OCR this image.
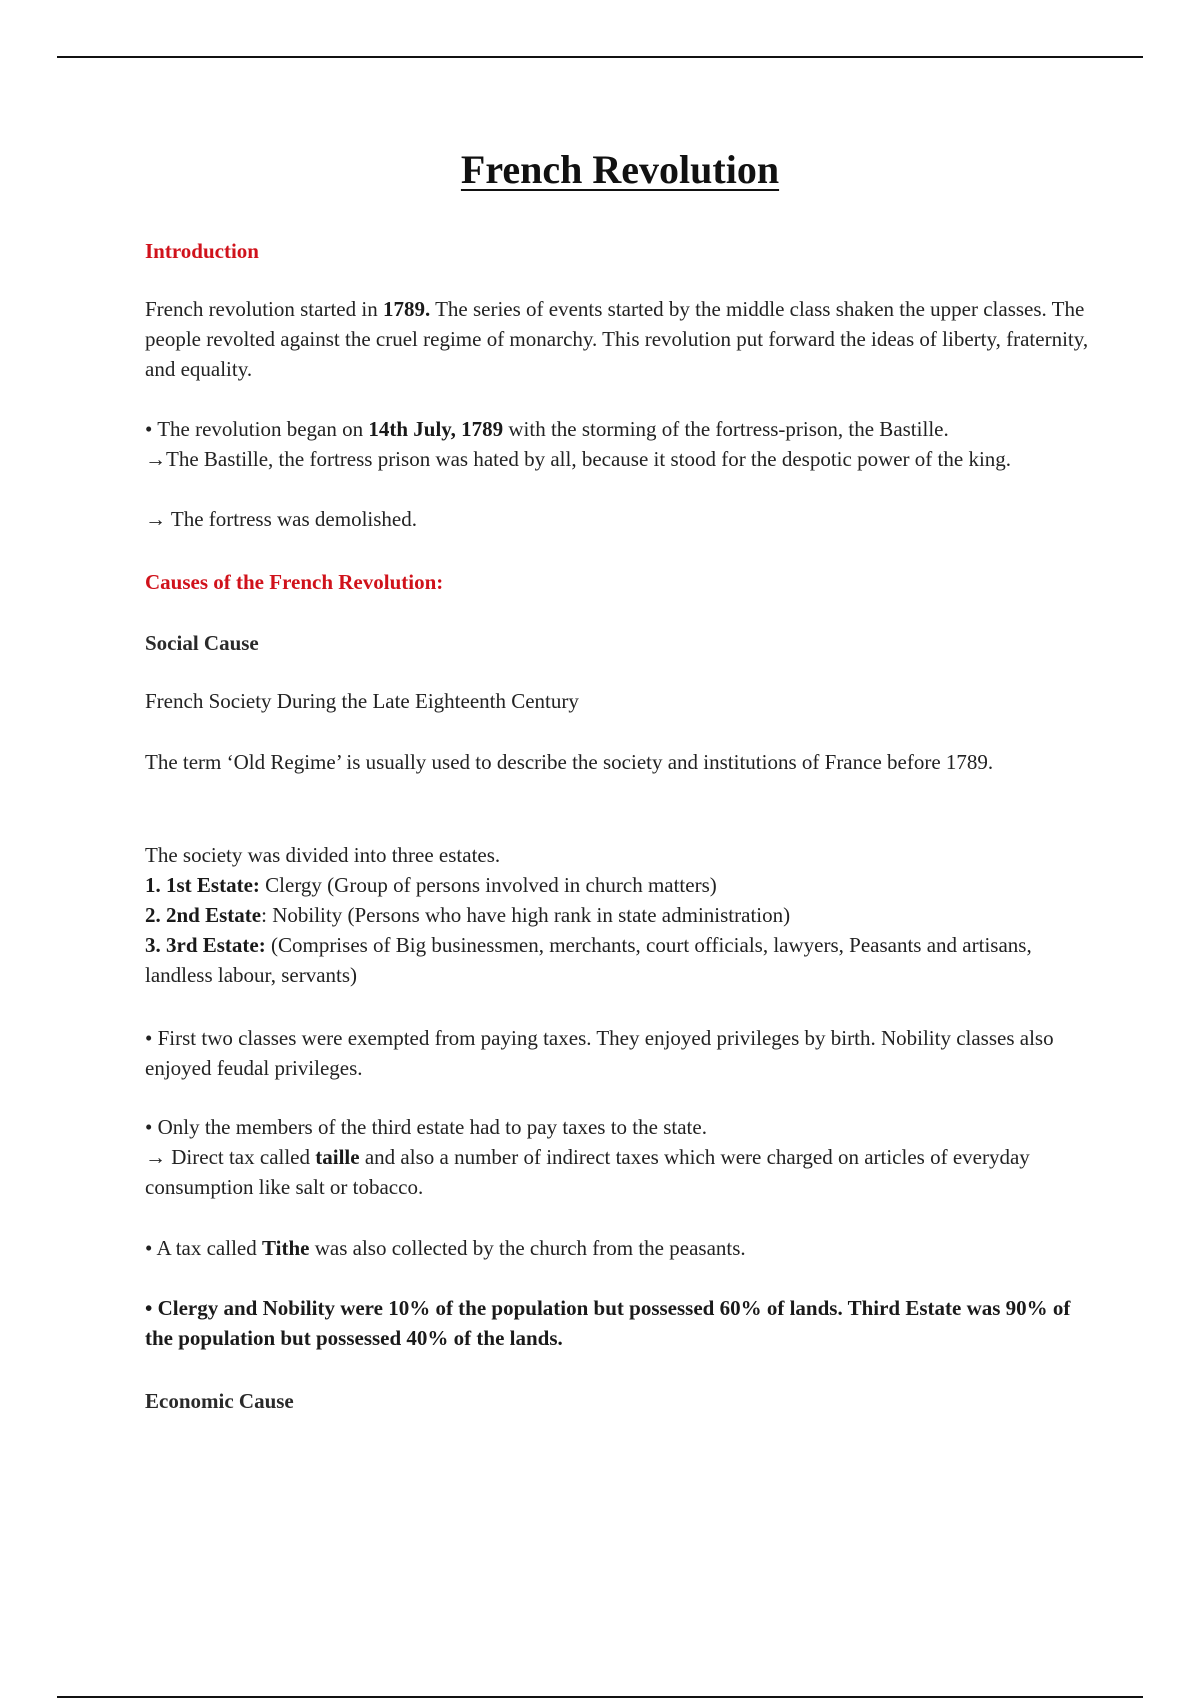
French Revolution
Introduction
French revolution started in 1789. The series of events started by the middle class shaken the upper classes. The people revolted against the cruel regime of monarchy. This revolution put forward the ideas of liberty, fraternity, and equality.
• The revolution began on 14th July, 1789 with the storming of the fortress-prison, the Bastille.
→The Bastille, the fortress prison was hated by all, because it stood for the despotic power of the king.
→ The fortress was demolished.
Causes of the French Revolution:
Social Cause
French Society During the Late Eighteenth Century
The term ‘Old Regime’ is usually used to describe the society and institutions of France before 1789.
The society was divided into three estates.
1. 1st Estate: Clergy (Group of persons involved in church matters)
2. 2nd Estate: Nobility (Persons who have high rank in state administration)
3. 3rd Estate: (Comprises of Big businessmen, merchants, court officials, lawyers, Peasants and artisans, landless labour, servants)
• First two classes were exempted from paying taxes. They enjoyed privileges by birth. Nobility classes also enjoyed feudal privileges.
• Only the members of the third estate had to pay taxes to the state.
→ Direct tax called taille and also a number of indirect taxes which were charged on articles of everyday consumption like salt or tobacco.
• A tax called Tithe was also collected by the church from the peasants.
• Clergy and Nobility were 10% of the population but possessed 60% of lands. Third Estate was 90% of the population but possessed 40% of the lands.
Economic Cause
